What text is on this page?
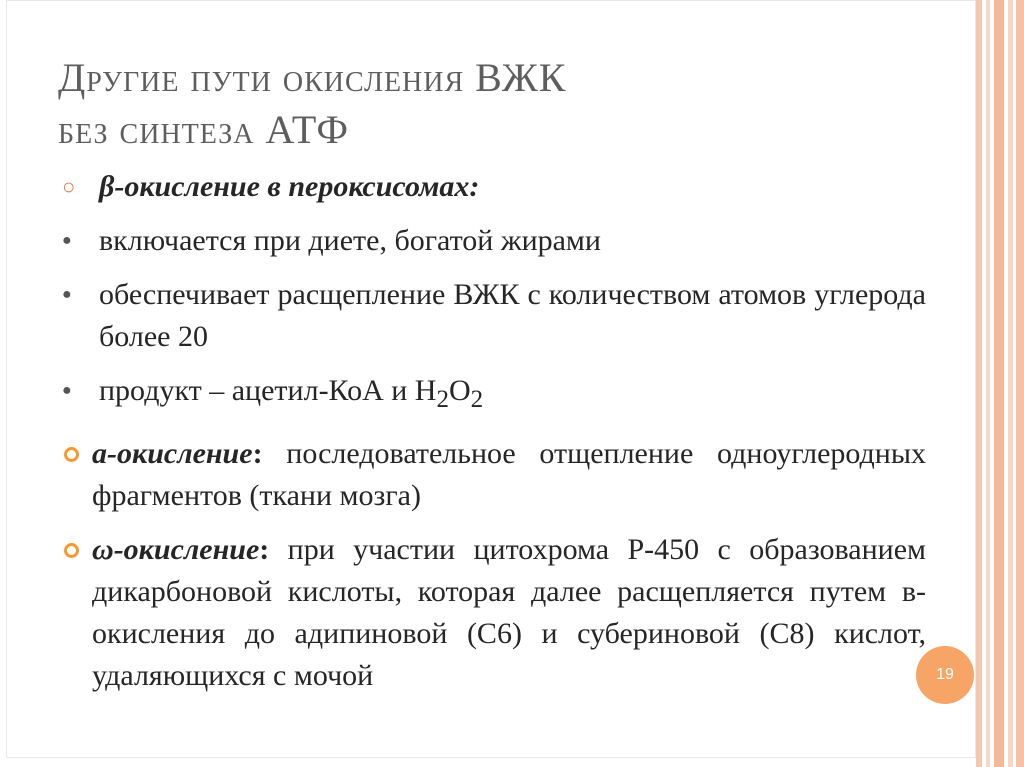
Другие пути окисления ВЖК
без синтеза АТФ
○ β-окисление в пероксисомах:
● включается при диете, богатой жирами
● обеспечивает расщепление ВЖК с количеством атомов углерода более 20
● продукт – ацетил-КоА и $Н_2О_2$
а-окисление: последовательное отщепление одноуглеродных фрагментов (ткани мозга)
ω-окисление: при участии цитохрома Р-450 с образованием дикарбоновой кислоты, которая далее расщепляется путем в-окисления до адипиновой (С6) и субериновой (С8) кислот, удаляющихся с мочой	19
